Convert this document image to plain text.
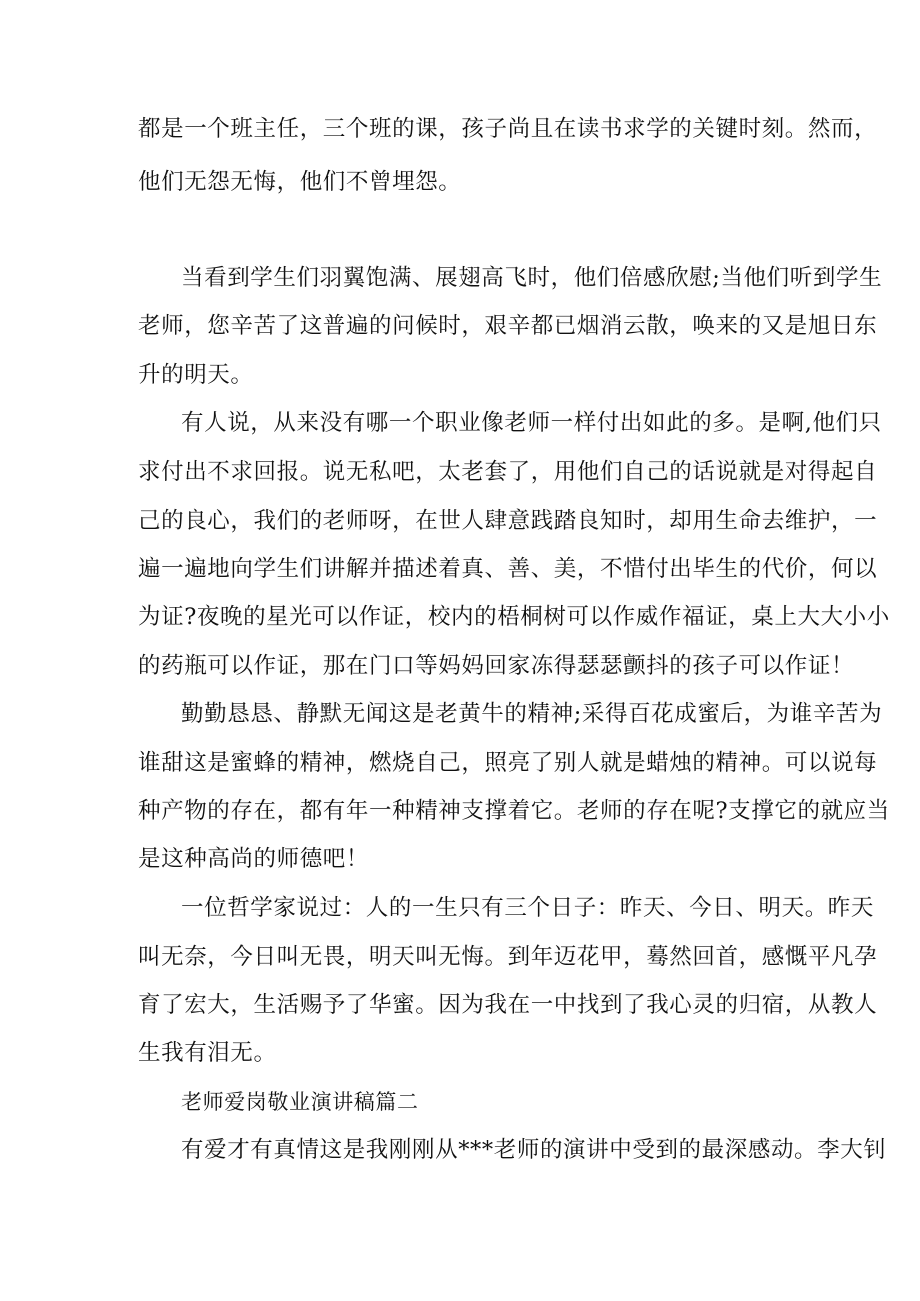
都是一个班主任，三个班的课，孩子尚且在读书求学的关键时刻。然而，
他们无怨无悔，他们不曾埋怨。
当看到学生们羽翼饱满、展翅高飞时，他们倍感欣慰;当他们听到学生
老师，您辛苦了这普遍的问候时，艰辛都已烟消云散，唤来的又是旭日东
升的明天。
有人说，从来没有哪一个职业像老师一样付出如此的多。是啊,他们只
求付出不求回报。说无私吧，太老套了，用他们自己的话说就是对得起自
己的良心，我们的老师呀，在世人肆意践踏良知时，却用生命去维护，一
遍一遍地向学生们讲解并描述着真、善、美，不惜付出毕生的代价，何以
为证?夜晚的星光可以作证，校内的梧桐树可以作威作福证，桌上大大小小
的药瓶可以作证，那在门口等妈妈回家冻得瑟瑟颤抖的孩子可以作证！
勤勤恳恳、静默无闻这是老黄牛的精神;采得百花成蜜后，为谁辛苦为
谁甜这是蜜蜂的精神，燃烧自己，照亮了别人就是蜡烛的精神。可以说每
种产物的存在，都有年一种精神支撑着它。老师的存在呢?支撑它的就应当
是这种高尚的师德吧！
一位哲学家说过：人的一生只有三个日子：昨天、今日、明天。昨天
叫无奈，今日叫无畏，明天叫无悔。到年迈花甲，蓦然回首，感慨平凡孕
育了宏大，生活赐予了华蜜。因为我在一中找到了我心灵的归宿，从教人
生我有泪无。
老师爱岗敬业演讲稿篇二
有爱才有真情这是我刚刚从***老师的演讲中受到的最深感动。李大钊
